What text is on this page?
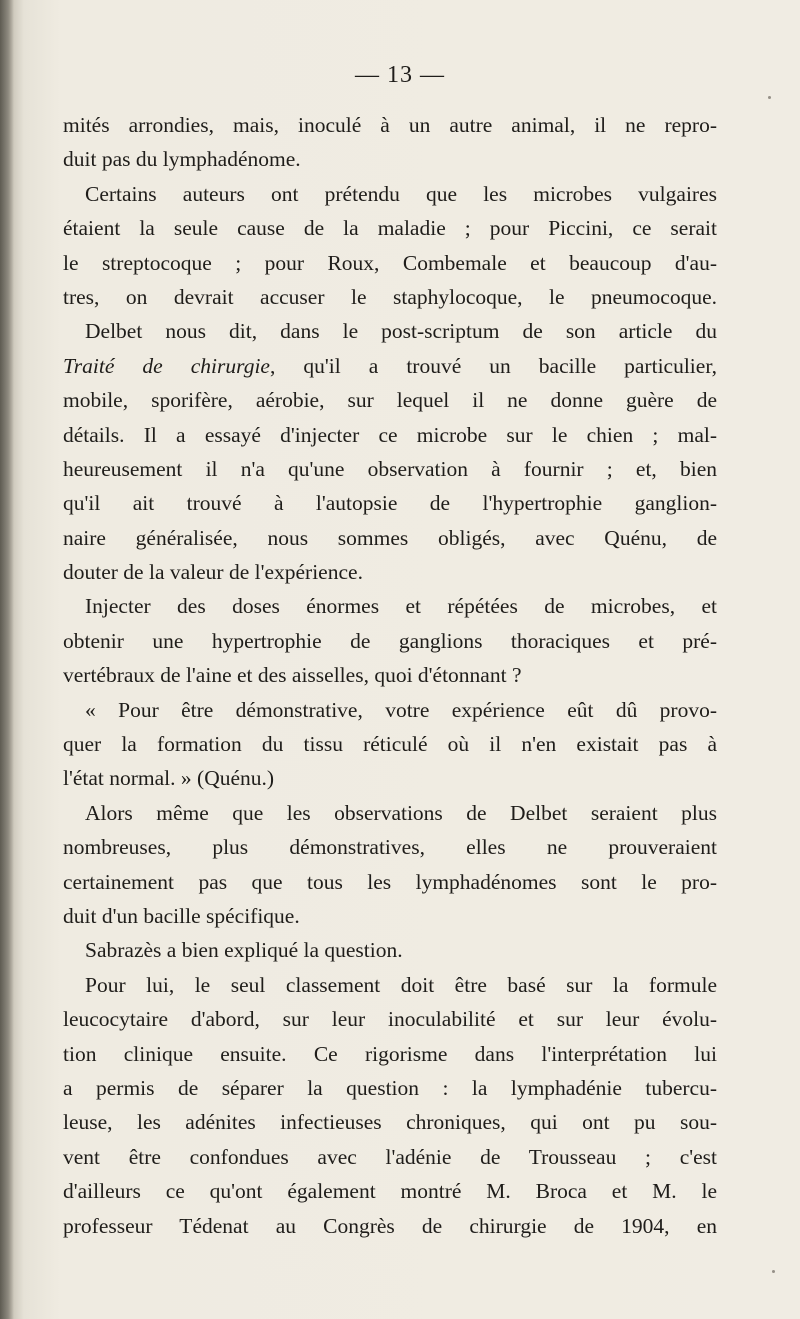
— 13 —
mités arrondies, mais, inoculé à un autre animal, il ne repro-
duit pas du lymphadénome.
Certains auteurs ont prétendu que les microbes vulgaires
étaient la seule cause de la maladie ; pour Piccini, ce serait
le streptocoque ; pour Roux, Combemale et beaucoup d'au-
tres, on devrait accuser le staphylocoque, le pneumocoque.
Delbet nous dit, dans le post-scriptum de son article du
Traité de chirurgie, qu'il a trouvé un bacille particulier,
mobile, sporifère, aérobie, sur lequel il ne donne guère de
détails. Il a essayé d'injecter ce microbe sur le chien ; mal-
heureusement il n'a qu'une observation à fournir ; et, bien
qu'il ait trouvé à l'autopsie de l'hypertrophie ganglion-
naire généralisée, nous sommes obligés, avec Quénu, de
douter de la valeur de l'expérience.
Injecter des doses énormes et répétées de microbes, et
obtenir une hypertrophie de ganglions thoraciques et pré-
vertébraux de l'aine et des aisselles, quoi d'étonnant ?
« Pour être démonstrative, votre expérience eût dû provo-
quer la formation du tissu réticulé où il n'en existait pas à
l'état normal. » (Quénu.)
Alors même que les observations de Delbet seraient plus
nombreuses, plus démonstratives, elles ne prouveraient
certainement pas que tous les lymphadénomes sont le pro-
duit d'un bacille spécifique.
Sabrazès a bien expliqué la question.
Pour lui, le seul classement doit être basé sur la formule
leucocytaire d'abord, sur leur inoculabilité et sur leur évolu-
tion clinique ensuite. Ce rigorisme dans l'interprétation lui
a permis de séparer la question : la lymphadénie tubercu-
leuse, les adénites infectieuses chroniques, qui ont pu sou-
vent être confondues avec l'adénie de Trousseau ; c'est
d'ailleurs ce qu'ont également montré M. Broca et M. le
professeur Tédenat au Congrès de chirurgie de 1904, en
